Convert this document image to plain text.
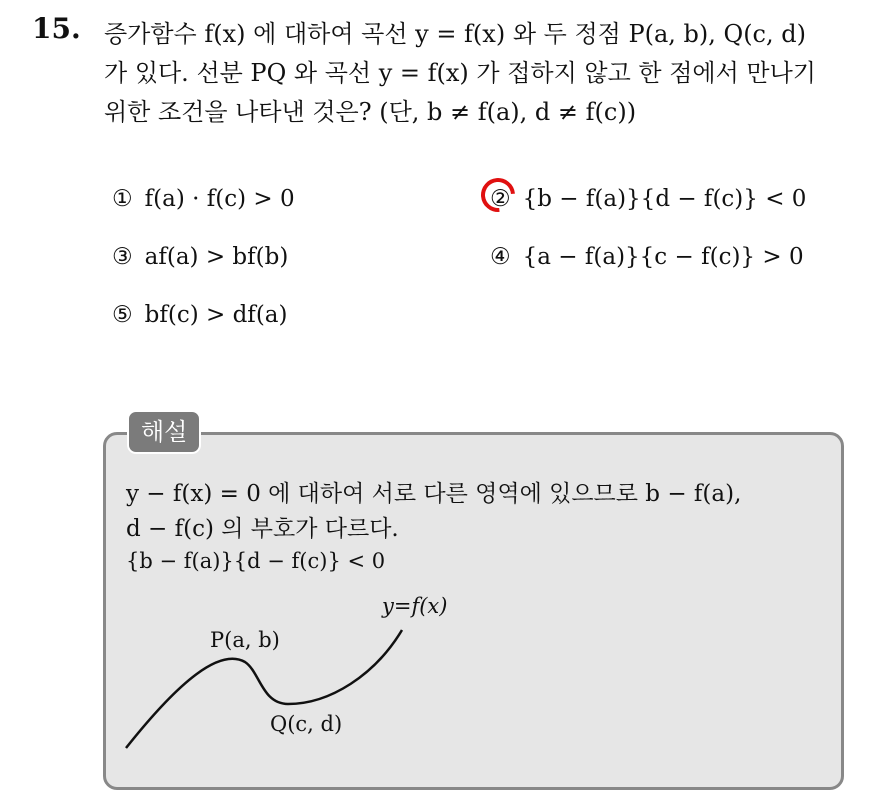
15. 증가함수 f(x) 에 대하여 곡선 y = f(x) 와 두 정점 P(a, b), Q(c, d)
가 있다. 선분 PQ 와 곡선 y = f(x) 가 접하지 않고 한 점에서 만나기
위한 조건을 나타낸 것은? (단, b ≠ f(a), d ≠ f(c))
① f(a) · f(c) > 0	② {b − f(a)}{d − f(c)} < 0
③ af(a) > bf(b)	④ {a − f(a)}{c − f(c)} > 0
⑤ bf(c) > df(a)
해설
y − f(x) = 0 에 대하여 서로 다른 영역에 있으므로 b − f(a),
d − f(c) 의 부호가 다르다.
{b − f(a)}{d − f(c)} < 0
y=f(x)
P(a, b)
Q(c, d)
